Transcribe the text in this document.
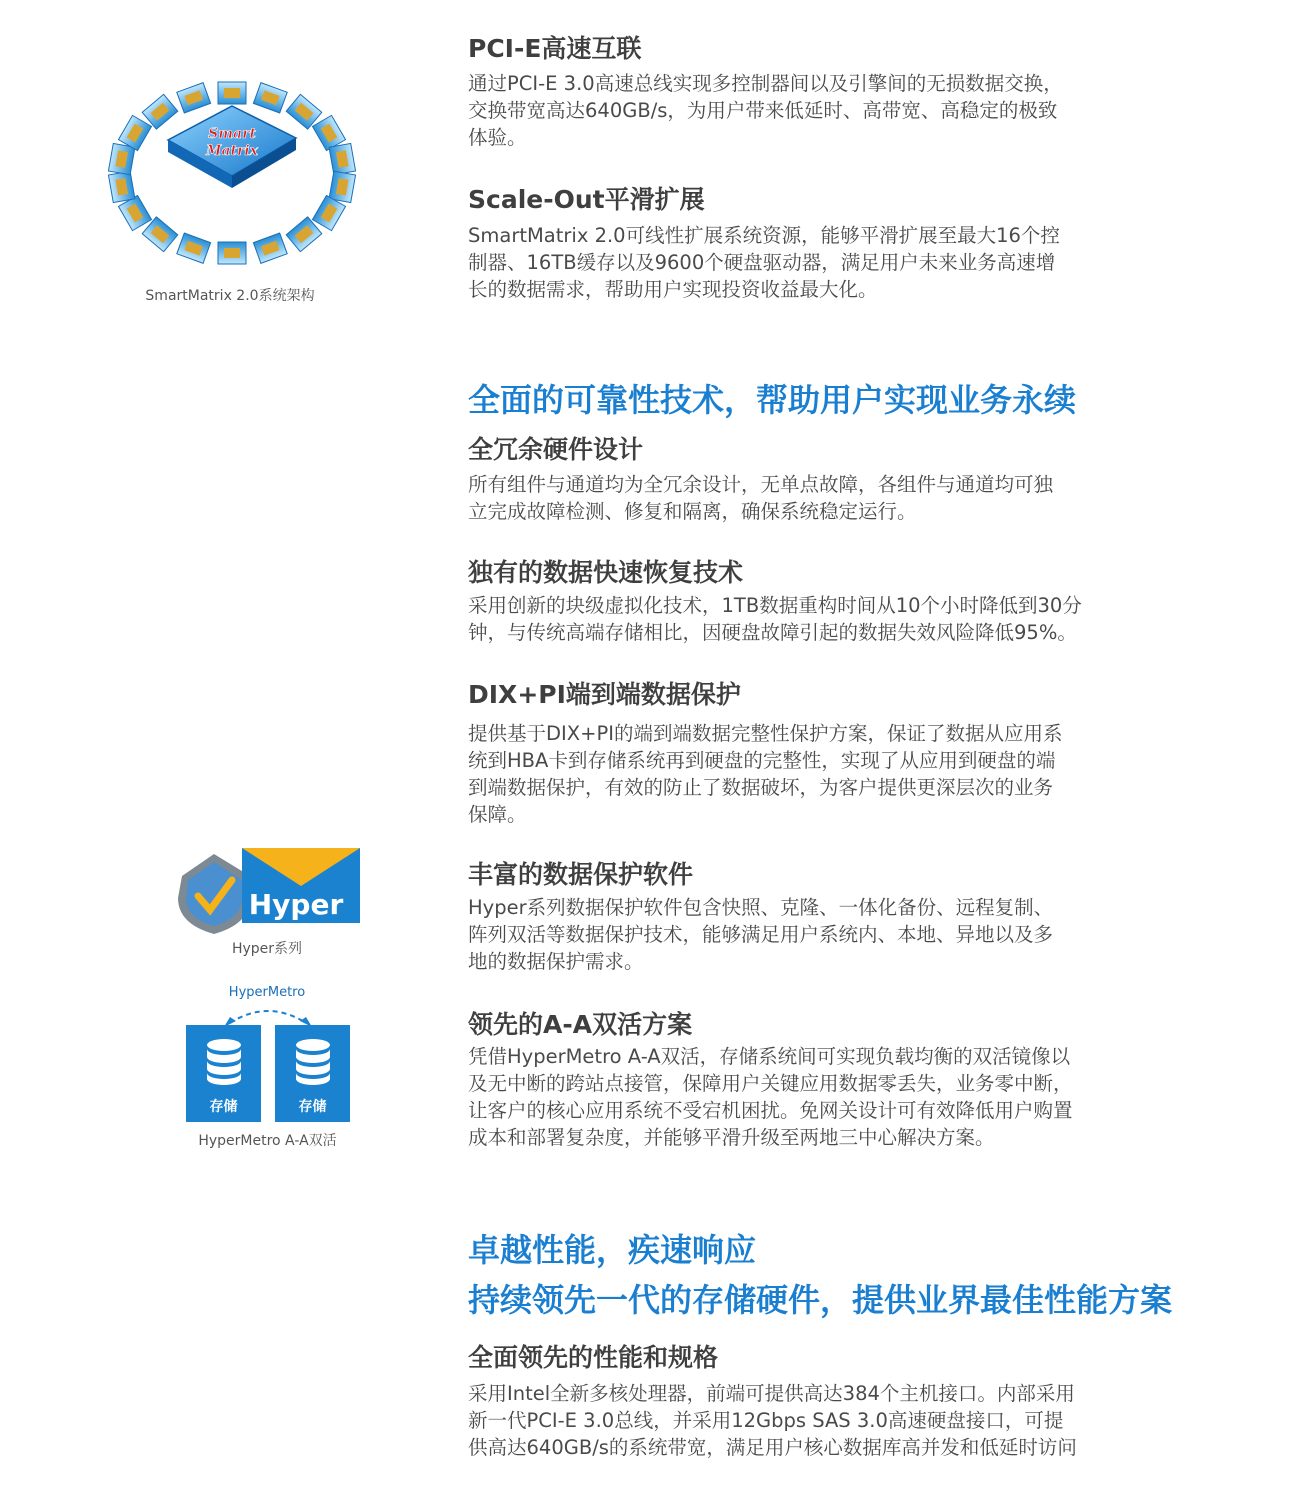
Smart
Matrix
SmartMatrix 2.0系统架构
Hyper
Hyper系列
HyperMetro
存储	存储
HyperMetro A-A双活
PCI-E高速互联
通过PCI-E 3.0高速总线实现多控制器间以及引擎间的无损数据交换，
交换带宽高达640GB/s，为用户带来低延时、高带宽、高稳定的极致
体验。
Scale-Out平滑扩展
SmartMatrix 2.0可线性扩展系统资源，能够平滑扩展至最大16个控
制器、16TB缓存以及9600个硬盘驱动器，满足用户未来业务高速增
长的数据需求，帮助用户实现投资收益最大化。
全面的可靠性技术，帮助用户实现业务永续
全冗余硬件设计
所有组件与通道均为全冗余设计，无单点故障，各组件与通道均可独
立完成故障检测、修复和隔离，确保系统稳定运行。
独有的数据快速恢复技术
采用创新的块级虚拟化技术，1TB数据重构时间从10个小时降低到30分
钟，与传统高端存储相比，因硬盘故障引起的数据失效风险降低95%。
DIX+PI端到端数据保护
提供基于DIX+PI的端到端数据完整性保护方案，保证了数据从应用系
统到HBA卡到存储系统再到硬盘的完整性，实现了从应用到硬盘的端
到端数据保护，有效的防止了数据破坏，为客户提供更深层次的业务
保障。
丰富的数据保护软件
Hyper系列数据保护软件包含快照、克隆、一体化备份、远程复制、
阵列双活等数据保护技术，能够满足用户系统内、本地、异地以及多
地的数据保护需求。
领先的A-A双活方案
凭借HyperMetro A-A双活，存储系统间可实现负载均衡的双活镜像以
及无中断的跨站点接管，保障用户关键应用数据零丢失，业务零中断，
让客户的核心应用系统不受宕机困扰。免网关设计可有效降低用户购置
成本和部署复杂度，并能够平滑升级至两地三中心解决方案。
卓越性能，疾速响应
持续领先一代的存储硬件，提供业界最佳性能方案
全面领先的性能和规格
采用Intel全新多核处理器，前端可提供高达384个主机接口。内部采用
新一代PCI-E 3.0总线，并采用12Gbps SAS 3.0高速硬盘接口，可提
供高达640GB/s的系统带宽，满足用户核心数据库高并发和低延时访问
